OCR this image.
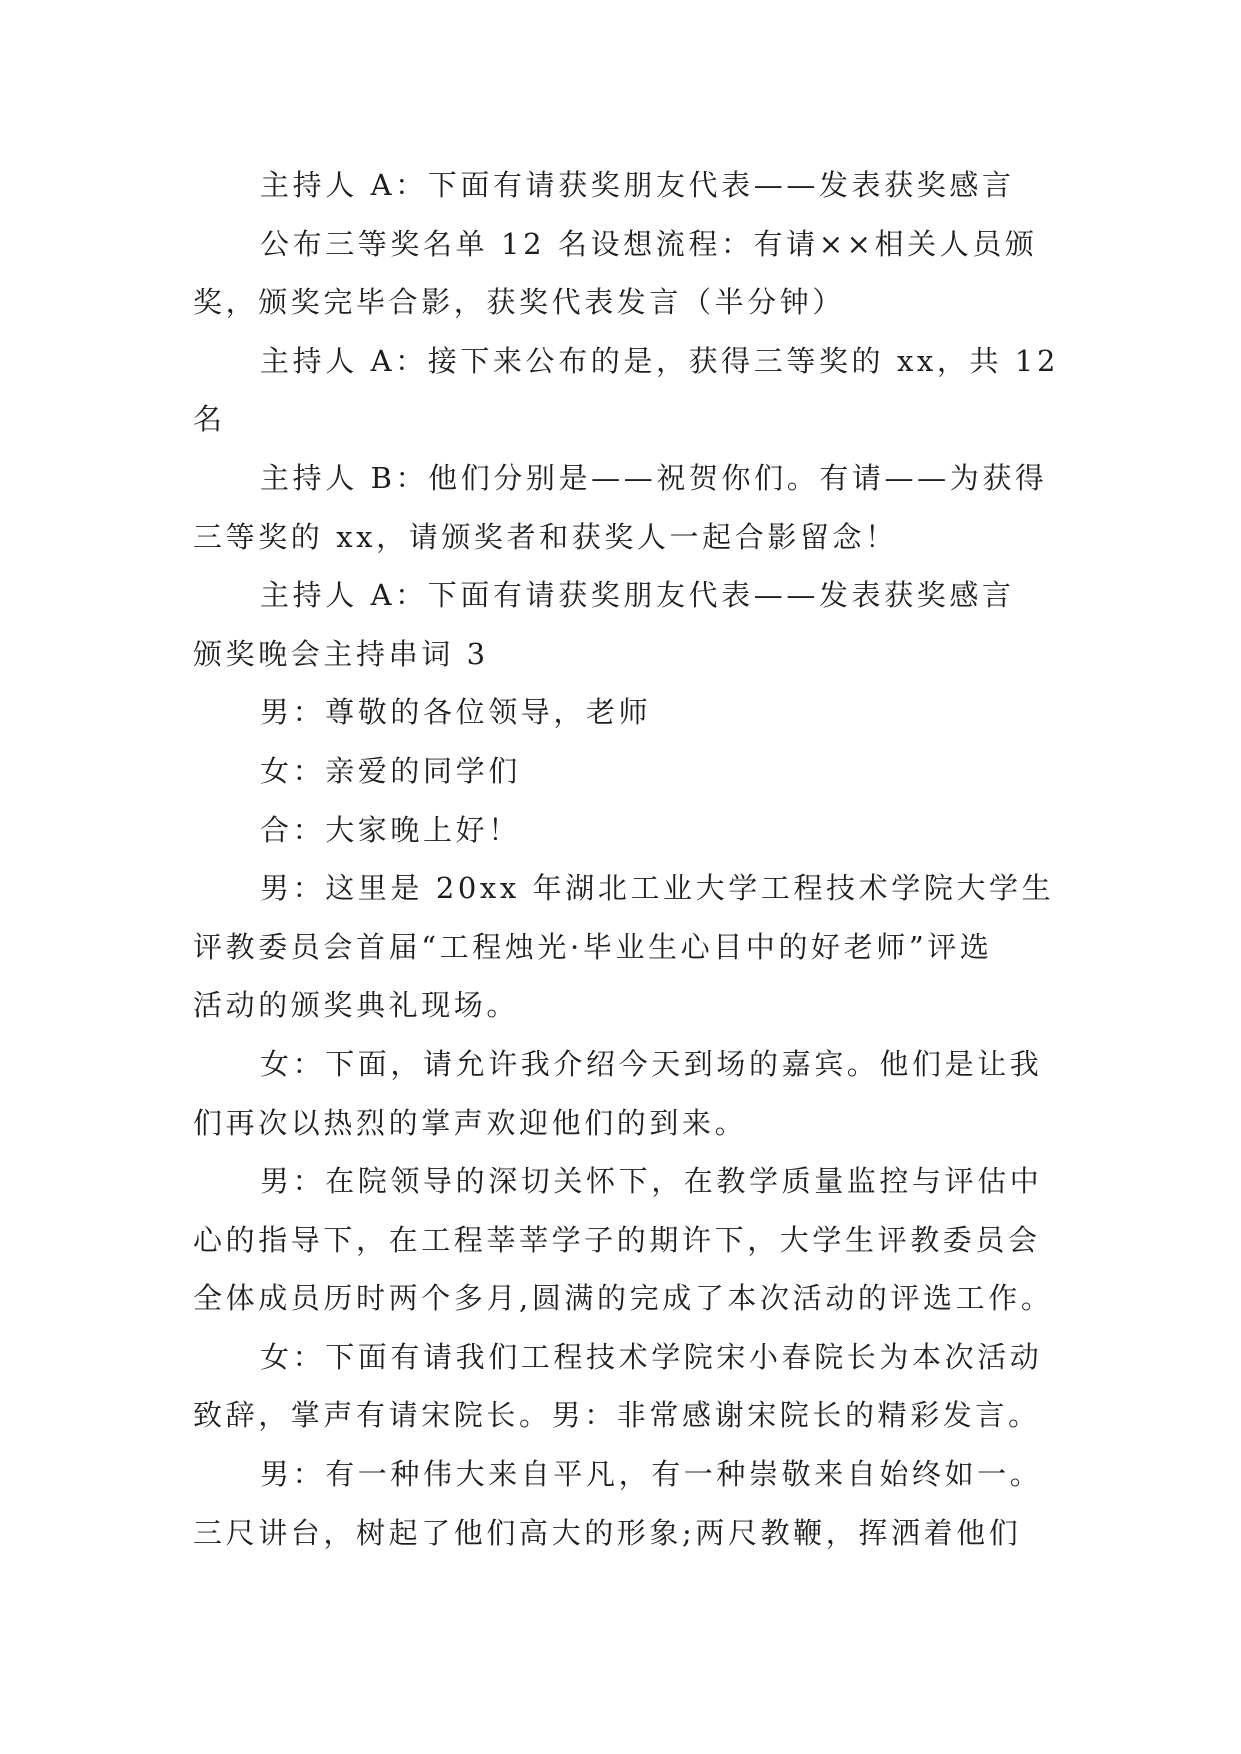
主持人 A：下面有请获奖朋友代表——发表获奖感言
公布三等奖名单 12 名设想流程：有请××相关人员颁
奖，颁奖完毕合影，获奖代表发言（半分钟）
主持人 A：接下来公布的是，获得三等奖的 xx，共 12
名
主持人 B：他们分别是——祝贺你们。有请——为获得
三等奖的 xx，请颁奖者和获奖人一起合影留念！
主持人 A：下面有请获奖朋友代表——发表获奖感言
颁奖晚会主持串词 3
男：尊敬的各位领导，老师
女：亲爱的同学们
合：大家晚上好！
男：这里是 20xx 年湖北工业大学工程技术学院大学生
评教委员会首届“工程烛光·毕业生心目中的好老师”评选
活动的颁奖典礼现场。
女：下面，请允许我介绍今天到场的嘉宾。他们是让我
们再次以热烈的掌声欢迎他们的到来。
男：在院领导的深切关怀下，在教学质量监控与评估中
心的指导下，在工程莘莘学子的期许下，大学生评教委员会
全体成员历时两个多月,圆满的完成了本次活动的评选工作。
女：下面有请我们工程技术学院宋小春院长为本次活动
致辞，掌声有请宋院长。男：非常感谢宋院长的精彩发言。
男：有一种伟大来自平凡，有一种崇敬来自始终如一。
三尺讲台，树起了他们高大的形象;两尺教鞭，挥洒着他们
